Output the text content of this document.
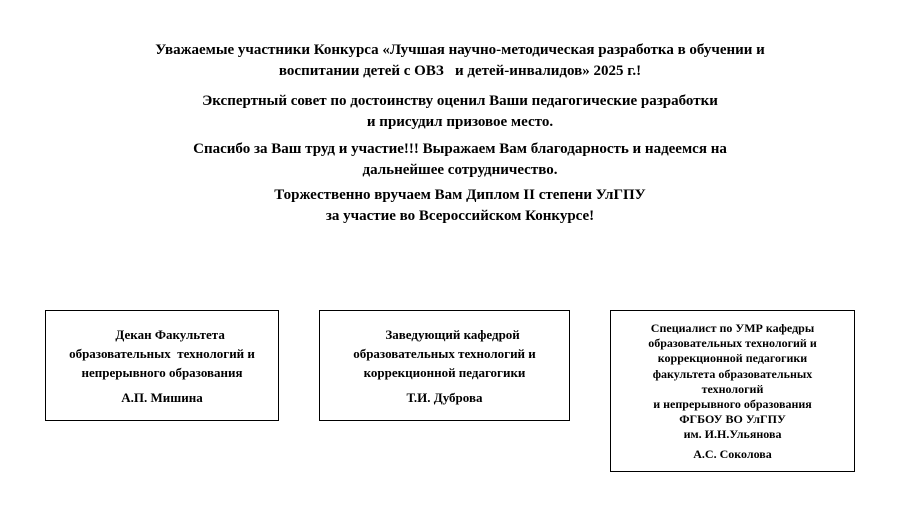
Уважаемые участники Конкурса «Лучшая научно-методическая разработка в обучении и
воспитании детей с ОВЗ   и детей-инвалидов» 2025 г.!

Экспертный совет по достоинству оценил Ваши педагогические разработки
и присудил призовое место.

Спасибо за Ваш труд и участие!!! Выражаем Вам благодарность и надеемся на
дальнейшее сотрудничество.

Торжественно вручаем Вам Диплом II степени УлГПУ
за участие во Всероссийском Конкурсе!

Декан Факультета
образовательных  технологий и
непрерывного образования
А.П. Мишина
Заведующий кафедрой
образовательных технологий и
коррекционной педагогики
Т.И. Дуброва
Специалист по УМР кафедры
образовательных технологий и
коррекционной педагогики
факультета образовательных
технологий
и непрерывного образования
ФГБОУ ВО УлГПУ
им. И.Н.Ульянова
А.С. Соколова
